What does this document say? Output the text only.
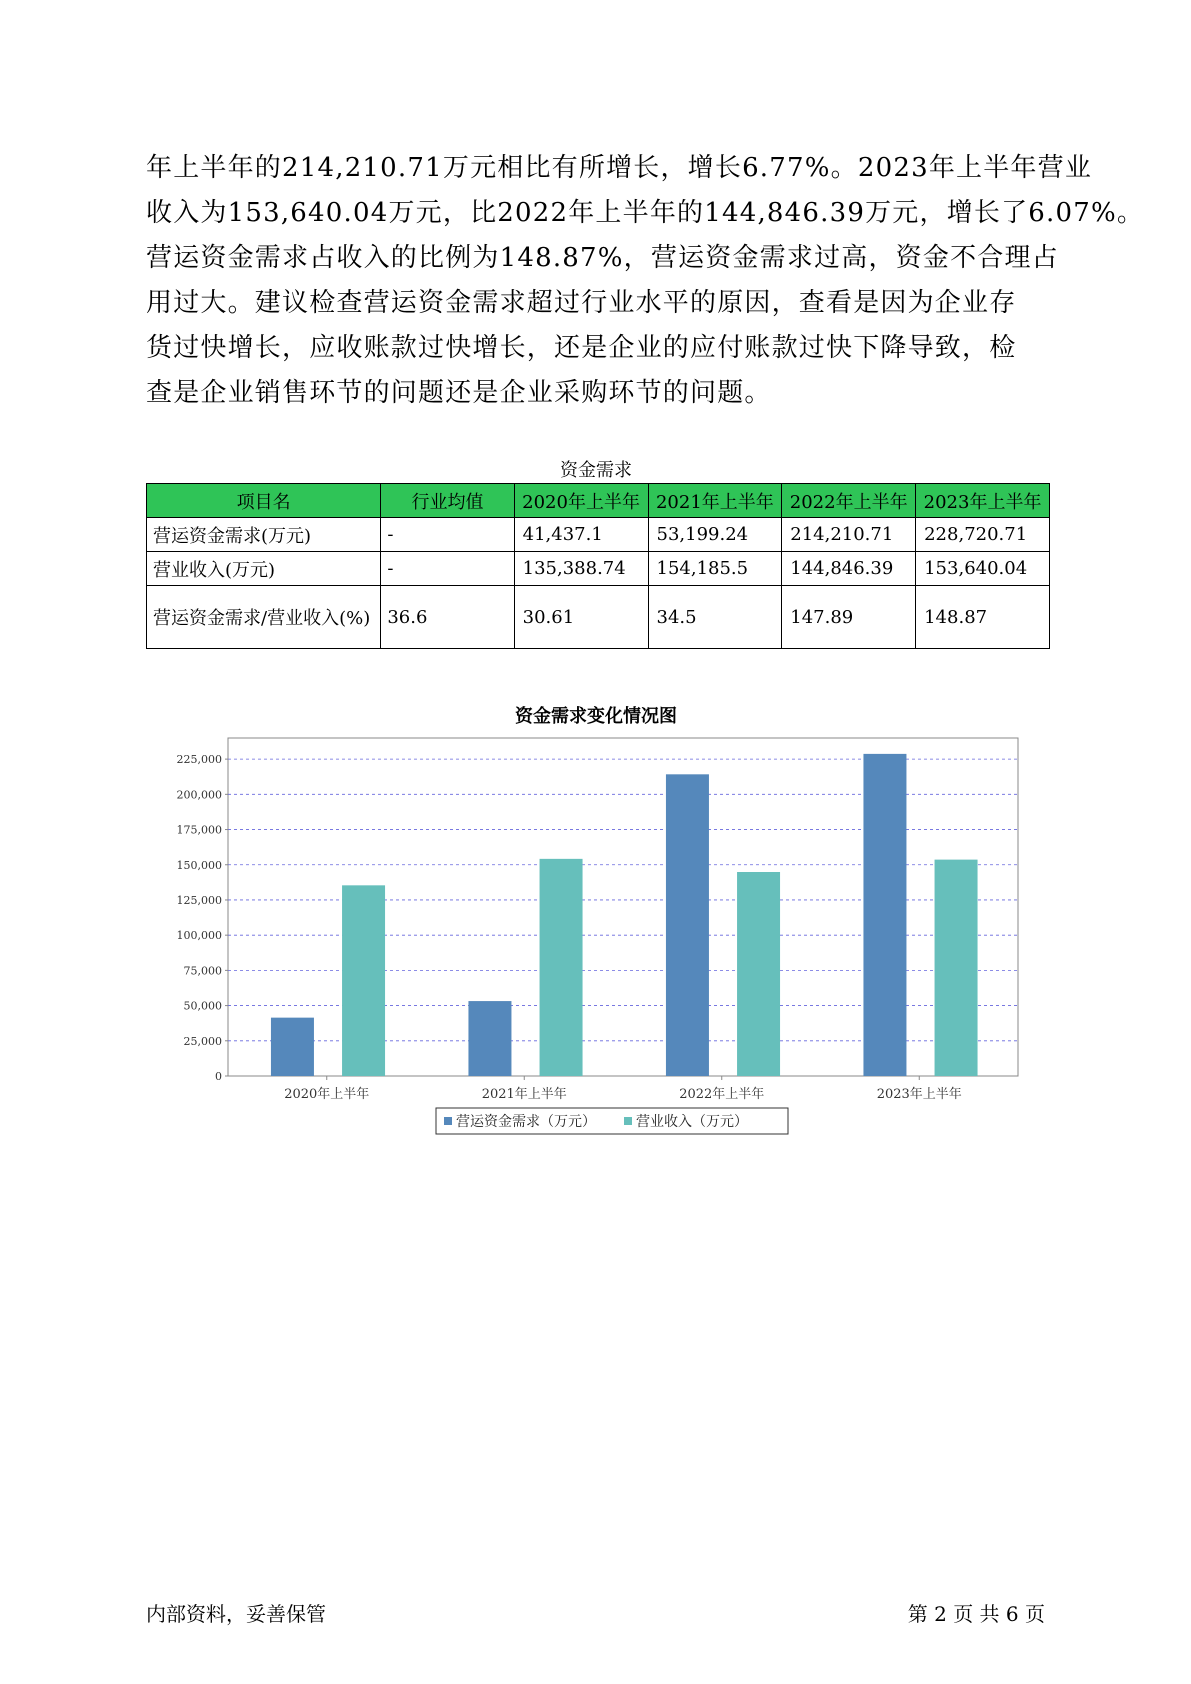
年上半年的214,210.71万元相比有所增长，增长6.77%。2023年上半年营业
收入为153,640.04万元，比2022年上半年的144,846.39万元，增长了6.07%。
营运资金需求占收入的比例为148.87%，营运资金需求过高，资金不合理占
用过大。建议检查营运资金需求超过行业水平的原因，查看是因为企业存
货过快增长，应收账款过快增长，还是企业的应付账款过快下降导致，检
查是企业销售环节的问题还是企业采购环节的问题。
资金需求
项目名	行业均值	2020年上半年	2021年上半年	2022年上半年	2023年上半年
营运资金需求(万元)	-	41,437.1	53,199.24	214,210.71	228,720.71
营业收入(万元)	-	135,388.74	154,185.5	144,846.39	153,640.04
营运资金需求/营业收入(%)	36.6	30.61	34.5	147.89	148.87
资金需求变化情况图
0
25,000
50,000
75,000
100,000
125,000
150,000
175,000
200,000
225,000
2020年上半年	2021年上半年	2022年上半年	2023年上半年
营运资金需求（万元）	营业收入（万元）
内部资料，妥善保管	第 2 页 共 6 页
